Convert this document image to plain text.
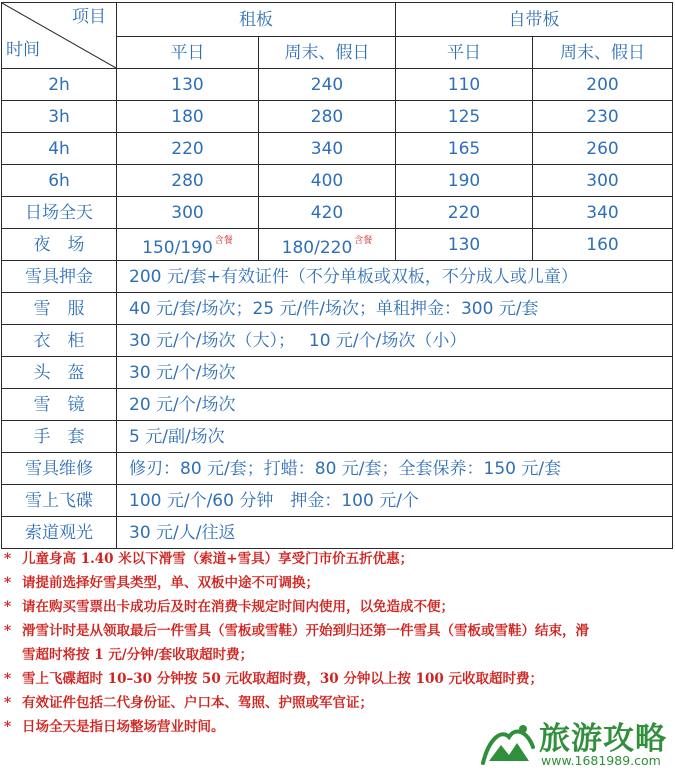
项目
时间	租板		自带板	
	平日	周末、假日	平日	周末、假日
2h	130	240	110	200
3h	180	280	125	230
4h	220	340	165	260
6h	280	400	190	300
日场全天	300	420	220	340
夜　场	150/190 $^{含餐}$	180/220 $^{含餐}$	130	160
雪具押金	200 元/套+有效证件（不分单板或双板，不分成人或儿童）			
雪　服	40 元/套/场次；25 元/件/场次；单租押金：300 元/套			
衣　柜	30 元/个/场次（大）；　 10 元/个/场次（小）			
头　盔	30 元/个/场次			
雪　镜	20 元/个/场次			
手　套	5 元/副/场次			
雪具维修	修刃：80 元/套；打蜡：80 元/套；全套保养：150 元/套			
雪上飞碟	100 元/个/60 分钟　押金：100 元/个			
索道观光	30 元/人/往返			
* 儿童身高 1.40 米以下滑雪（索道+雪具）享受门市价五折优惠；
* 请提前选择好雪具类型，单、双板中途不可调换；
* 请在购买雪票出卡成功后及时在消费卡规定时间内使用，以免造成不便；
* 滑雪计时是从领取最后一件雪具（雪板或雪鞋）开始到归还第一件雪具（雪板或雪鞋）结束，滑
雪超时将按 1 元/分钟/套收取超时费；
* 雪上飞碟超时 10–30 分钟按 50 元收取超时费，30 分钟以上按 100 元收取超时费；
* 有效证件包括二代身份证、户口本、驾照、护照或军官证；
* 日场全天是指日场整场营业时间。	旅游攻略
www.1681989.com
